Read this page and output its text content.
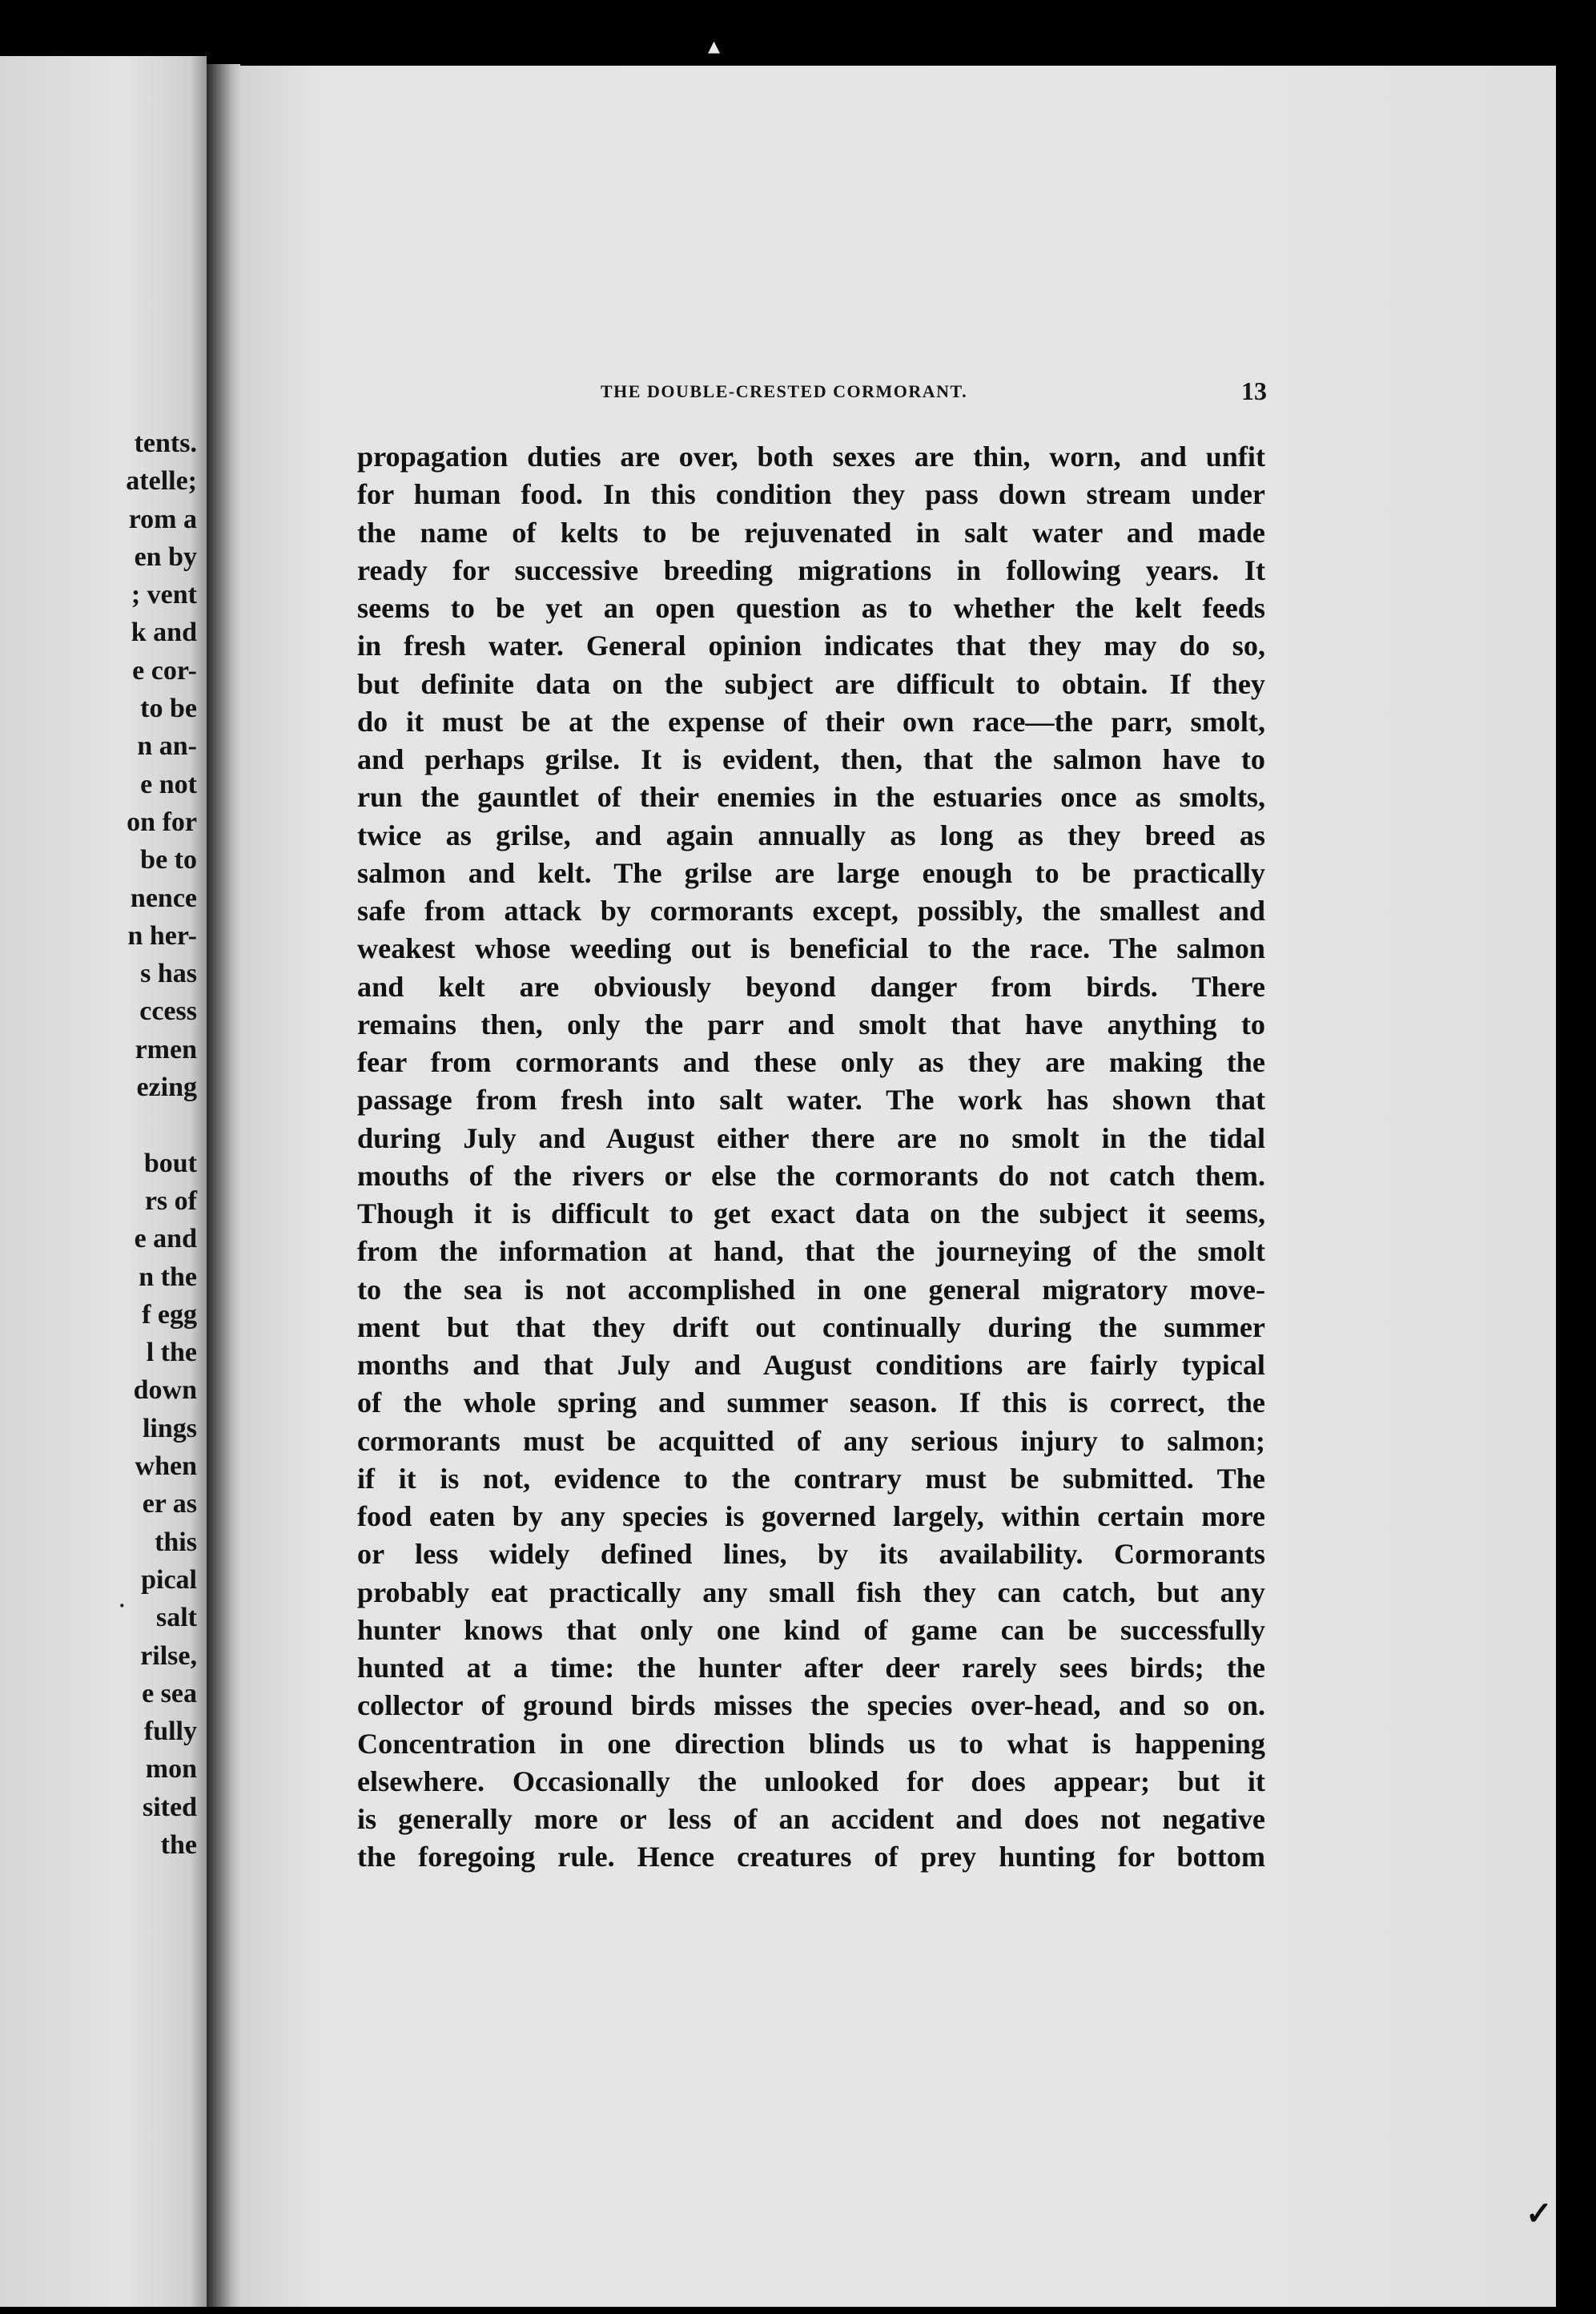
tents.
atelle;
rom a
en by
; vent
k and
e cor-
to be
n an-
e not
on for
be to
nence
n her-
s has
ccess
rmen
ezing
bout
rs of
e and
n the
f egg
l the
down
lings
when
er as
this
pical
salt
rilse,
e sea
fully
mon
sited
the
THE DOUBLE-CRESTED CORMORANT.	13
propagation duties are over, both sexes are thin, worn, and unfit
for human food. In this condition they pass down stream under
the name of kelts to be rejuvenated in salt water and made
ready for successive breeding migrations in following years. It
seems to be yet an open question as to whether the kelt feeds
in fresh water. General opinion indicates that they may do so,
but definite data on the subject are difficult to obtain. If they
do it must be at the expense of their own race—the parr, smolt,
and perhaps grilse. It is evident, then, that the salmon have to
run the gauntlet of their enemies in the estuaries once as smolts,
twice as grilse, and again annually as long as they breed as
salmon and kelt. The grilse are large enough to be practically
safe from attack by cormorants except, possibly, the smallest and
weakest whose weeding out is beneficial to the race. The salmon
and kelt are obviously beyond danger from birds. There
remains then, only the parr and smolt that have anything to
fear from cormorants and these only as they are making the
passage from fresh into salt water. The work has shown that
during July and August either there are no smolt in the tidal
mouths of the rivers or else the cormorants do not catch them.
Though it is difficult to get exact data on the subject it seems,
from the information at hand, that the journeying of the smolt
to the sea is not accomplished in one general migratory move-
ment but that they drift out continually during the summer
months and that July and August conditions are fairly typical
of the whole spring and summer season. If this is correct, the
cormorants must be acquitted of any serious injury to salmon;
if it is not, evidence to the contrary must be submitted. The
food eaten by any species is governed largely, within certain more
or less widely defined lines, by its availability. Cormorants
probably eat practically any small fish they can catch, but any
hunter knows that only one kind of game can be successfully
hunted at a time: the hunter after deer rarely sees birds; the
collector of ground birds misses the species over-head, and so on.
Concentration in one direction blinds us to what is happening
elsewhere. Occasionally the unlooked for does appear; but it
is generally more or less of an accident and does not negative
the foregoing rule. Hence creatures of prey hunting for bottom
▴
·
✓
